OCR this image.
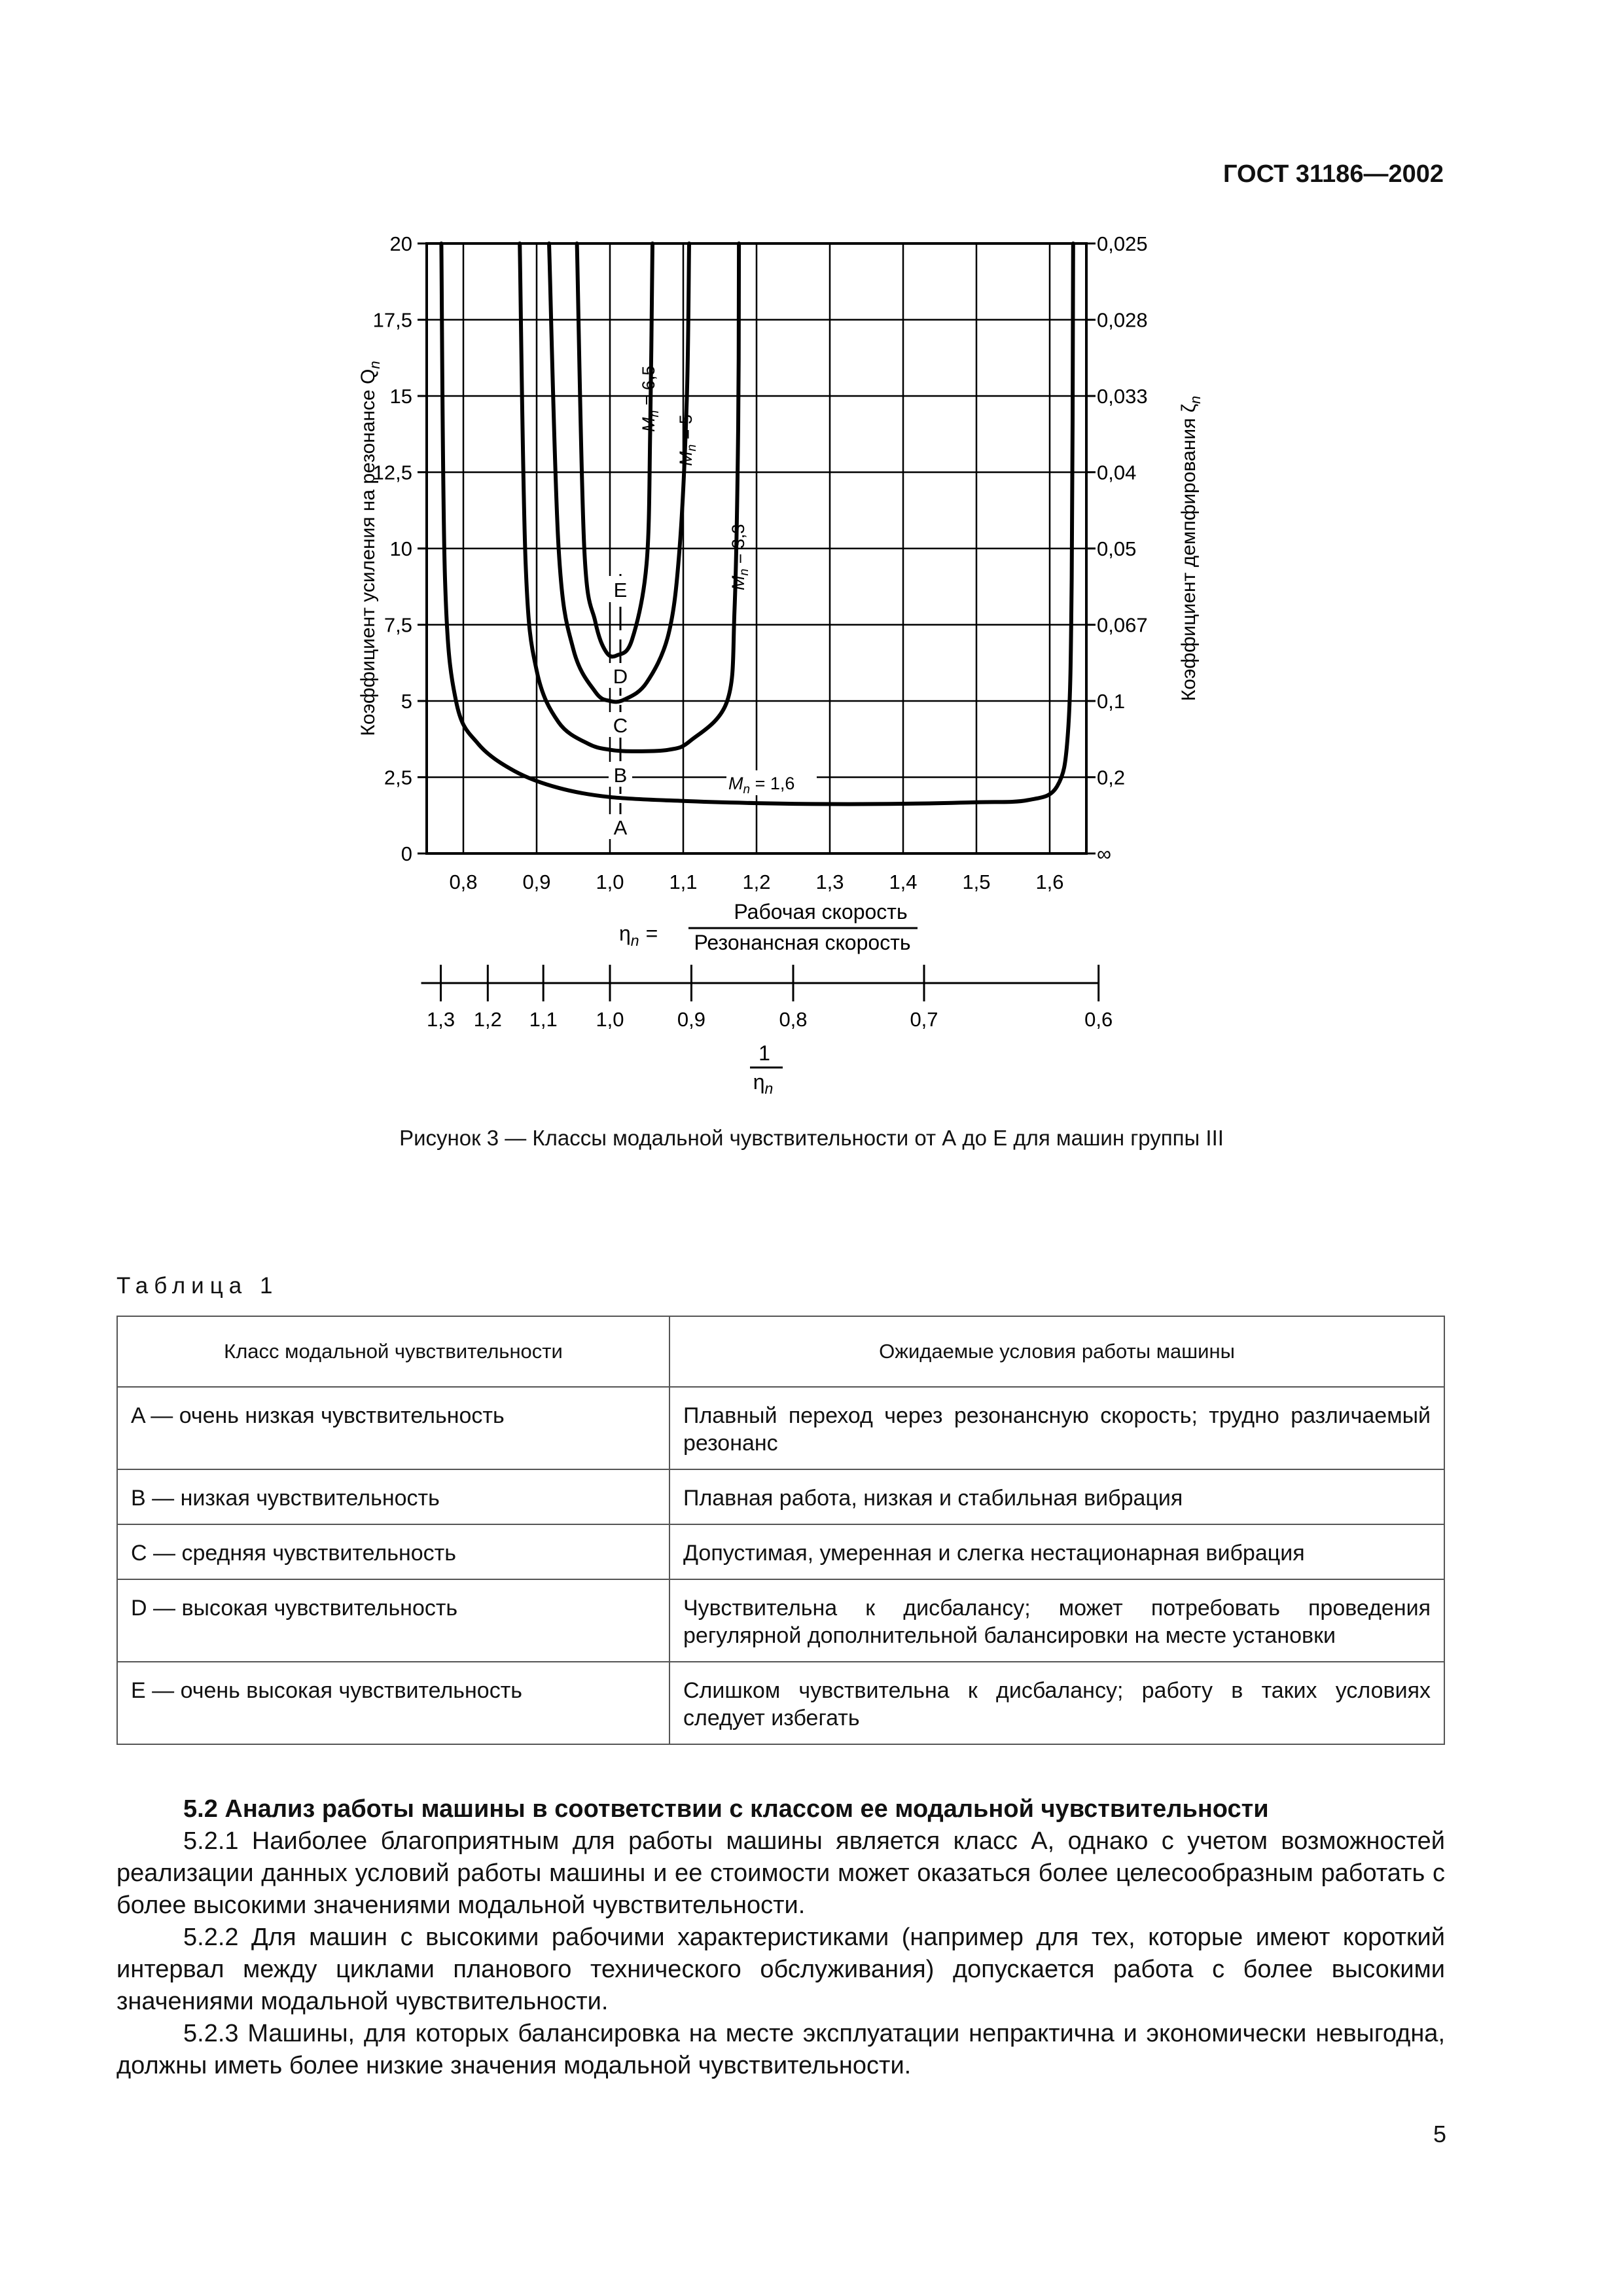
ГОСТ 31186—2002
0,8 0,9 1,0 1,1 1,2 1,3 1,4 1,5 1,6
0	∞
2,5	0,2
5	0,1
7,5	0,067
10	0,05
12,5	0,04
15	0,033
17,5	0,028
20	0,025
Коэффициент усиления на резонансе $Q_n$
Коэффициент демпфирования $\zeta_n$
$M_n = 6,5$
$M_n = 5$
$M_n = 3,3$
$M_n = 1,6$
E
D
C
B
A
$\eta_n$ =
Рабочая скорость
Резонансная скорость
1,3 1,2 1,1 1,0	0,9	0,8	0,7	0,6
1
$\eta_n$
Рисунок 3 — Классы модальной чувствительности от А до Е для машин группы III
Таблица 1
Класс модальной чувствительности	Ожидаемые условия работы машины
A — очень низкая чувствительность	Плавный переход через резонансную скорость; трудно различаемый резонанс
B — низкая чувствительность	Плавная работа, низкая и стабильная вибрация
C — средняя чувствительность	Допустимая, умеренная и слегка нестационарная вибрация
D — высокая чувствительность	Чувствительна к дисбалансу; может потребовать проведения регулярной дополнительной балансировки на месте установки
E — очень высокая чувствительность	Слишком чувствительна к дисбалансу; работу в таких условиях следует избегать
5.2 Анализ работы машины в соответствии с классом ее модальной чувствительности

5.2.1 Наиболее благоприятным для работы машины является класс А, однако с учетом возможностей реализации данных условий работы машины и ее стоимости может оказаться более целесообразным работать с более высокими значениями модальной чувствительности.

5.2.2 Для машин с высокими рабочими характеристиками (например для тех, которые имеют короткий интервал между циклами планового технического обслуживания) допускается работа с более высокими значениями модальной чувствительности.

5.2.3 Машины, для которых балансировка на месте эксплуатации непрактична и экономически невыгодна, должны иметь более низкие значения модальной чувствительности.

5
